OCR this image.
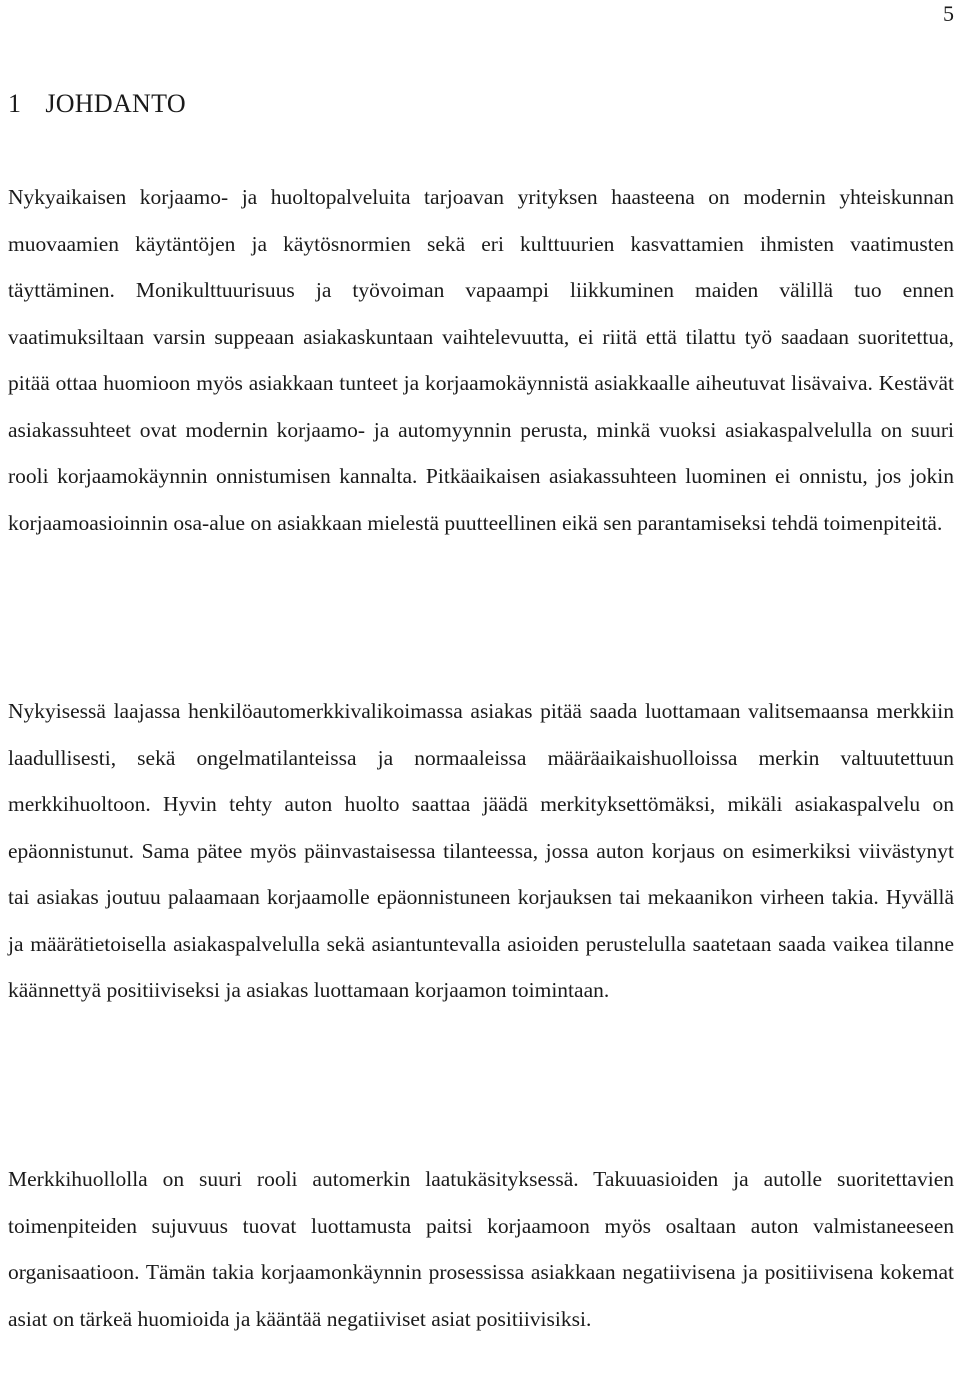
5
1 JOHDANTO

Nykyaikaisen korjaamo- ja huoltopalveluita tarjoavan yrityksen haasteena on modernin yhteiskunnan muovaamien käytäntöjen ja käytösnormien sekä eri kulttuurien kasvattamien ihmisten vaatimusten täyttäminen. Monikulttuurisuus ja työvoiman vapaampi liikkuminen maiden välillä tuo ennen vaatimuksiltaan varsin suppeaan asiakaskuntaan vaihtelevuutta, ei riitä että tilattu työ saadaan suoritettua, pitää ottaa huomioon myös asiakkaan tunteet ja korjaamokäynnistä asiakkaalle aiheutuvat lisävaiva. Kestävät asiakassuhteet ovat modernin korjaamo- ja automyynnin perusta, minkä vuoksi asiakaspalvelulla on suuri rooli korjaamokäynnin onnistumisen kannalta. Pitkäaikaisen asiakassuhteen luominen ei onnistu, jos jokin korjaamoasioinnin osa-alue on asiakkaan mielestä puutteellinen eikä sen parantamiseksi tehdä toimenpiteitä.

Nykyisessä laajassa henkilöautomerkkivalikoimassa asiakas pitää saada luottamaan valitsemaansa merkkiin laadullisesti, sekä ongelmatilanteissa ja normaaleissa määräaikaishuolloissa merkin valtuutettuun merkkihuoltoon. Hyvin tehty auton huolto saattaa jäädä merkityksettömäksi, mikäli asiakaspalvelu on epäonnistunut. Sama pätee myös päinvastaisessa tilanteessa, jossa auton korjaus on esimerkiksi viivästynyt tai asiakas joutuu palaamaan korjaamolle epäonnistuneen korjauksen tai mekaanikon virheen takia. Hyvällä ja määrätietoisella asiakaspalvelulla sekä asiantuntevalla asioiden perustelulla saatetaan saada vaikea tilanne käännettyä positiiviseksi ja asiakas luottamaan korjaamon toimintaan.

Merkkihuollolla on suuri rooli automerkin laatukäsityksessä. Takuuasioiden ja autolle suoritettavien toimenpiteiden sujuvuus tuovat luottamusta paitsi korjaamoon myös osaltaan auton valmistaneeseen organisaatioon. Tämän takia korjaamonkäynnin prosessissa asiakkaan negatiivisena ja positiivisena kokemat asiat on tärkeä huomioida ja kääntää negatiiviset asiat positiivisiksi.
